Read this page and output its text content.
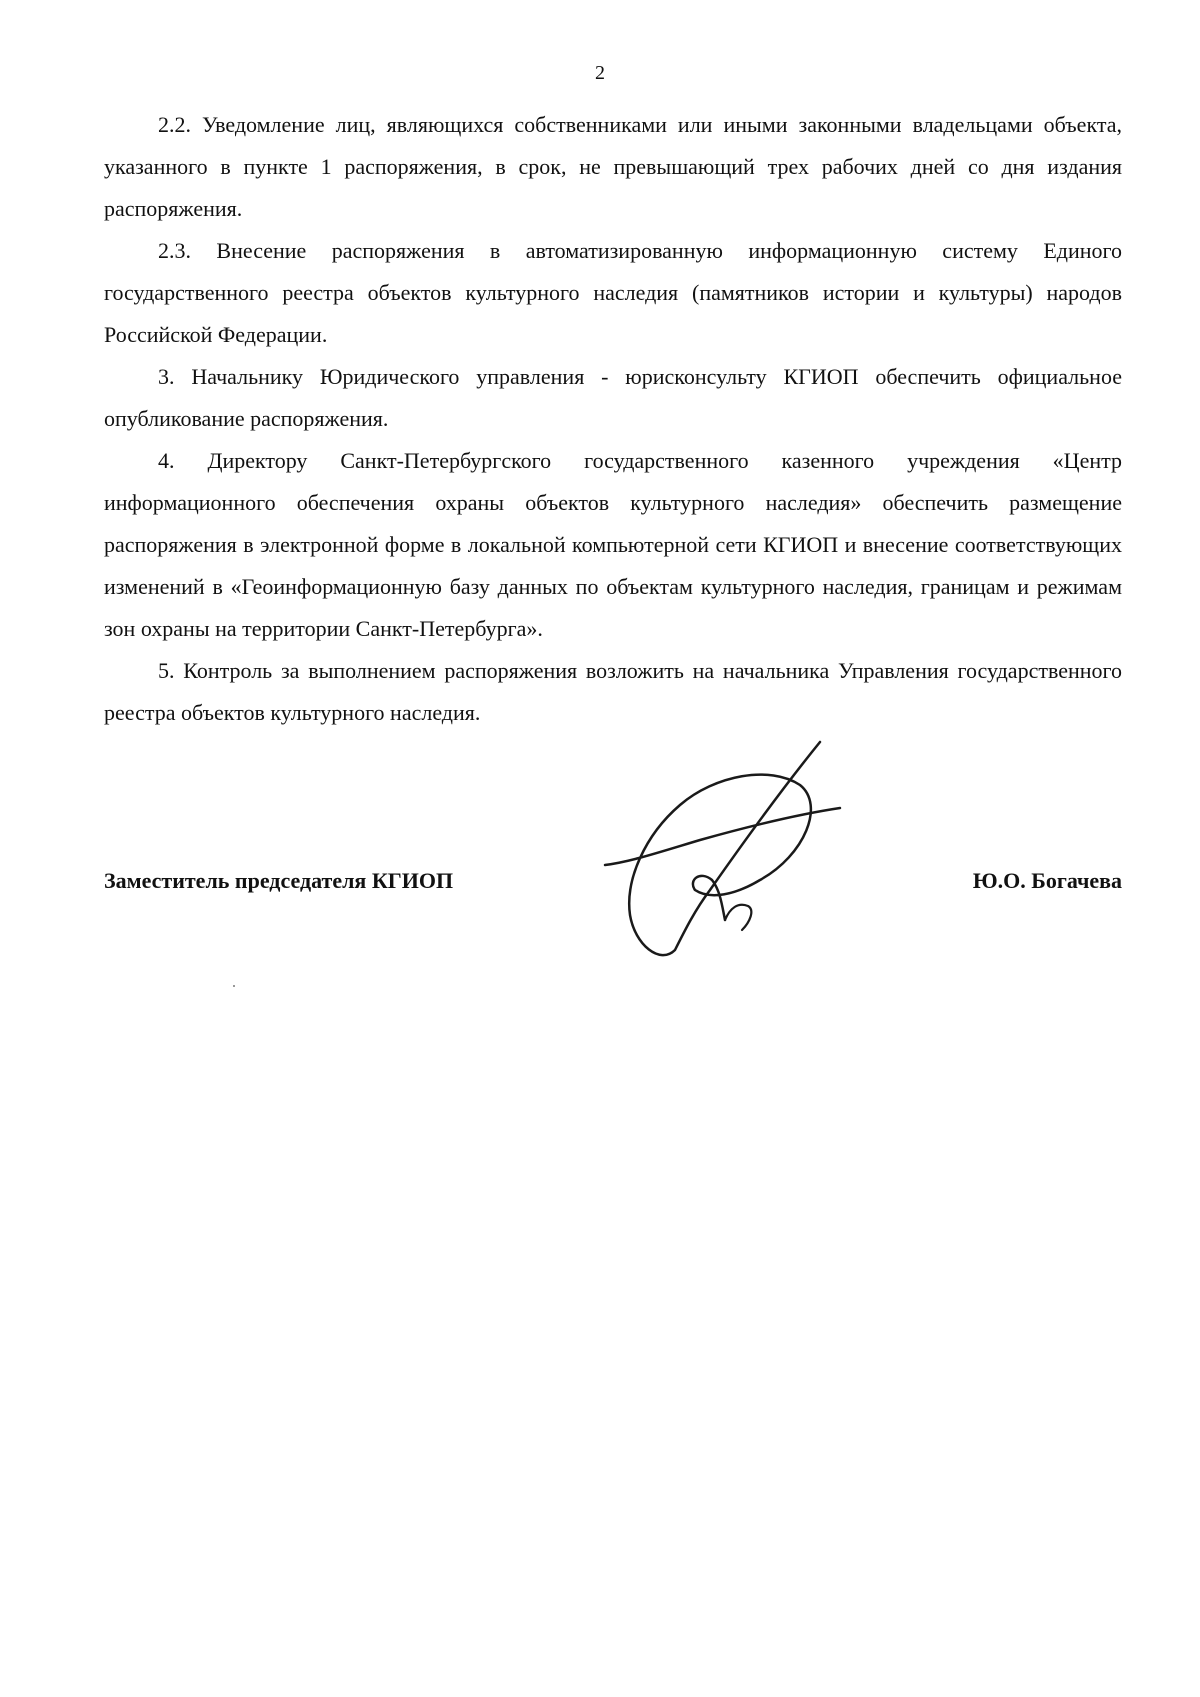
2

2.2. Уведомление лиц, являющихся собственниками или иными законными владельцами объекта, указанного в пункте 1 распоряжения, в срок, не превышающий трех рабочих дней со дня издания распоряжения.

2.3. Внесение распоряжения в автоматизированную информационную систему Единого государственного реестра объектов культурного наследия (памятников истории и культуры) народов Российской Федерации.

3. Начальнику Юридического управления - юрисконсульту КГИОП обеспечить официальное опубликование распоряжения.

4. Директору Санкт-Петербургского государственного казенного учреждения «Центр информационного обеспечения охраны объектов культурного наследия» обеспечить размещение распоряжения в электронной форме в локальной компьютерной сети КГИОП и внесение соответствующих изменений в «Геоинформационную базу данных по объектам культурного наследия, границам и режимам зон охраны на территории Санкт-Петербурга».

5. Контроль за выполнением распоряжения возложить на начальника Управления государственного реестра объектов культурного наследия.

Заместитель председателя КГИОП	Ю.О. Богачева
